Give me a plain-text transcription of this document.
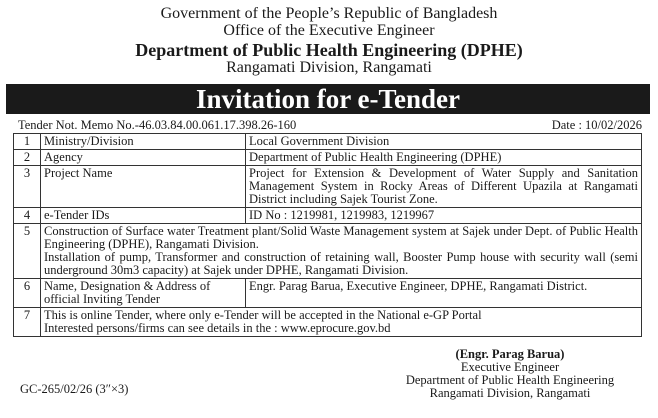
Government of the People’s Republic of Bangladesh
Office of the Executive Engineer
Department of Public Health Engineering (DPHE)
Rangamati Division, Rangamati
Invitation for e-Tender
Tender Not. Memo No.-46.03.84.00.061.17.398.26-160	Date : 10/02/2026
1	Ministry/Division	Local Government Division
2	Agency	Department of Public Health Engineering (DPHE)
3	Project Name	Project for Extension & Development of Water Supply and Sanitation Management System in Rocky Areas of Different Upazila at Rangamati District including Sajek Tourist Zone.
4	e-Tender IDs	ID No : 1219981, 1219983, 1219967
5	Construction of Surface water Treatment plant/Solid Waste Management system at Sajek under Dept. of Public Health Engineering (DPHE), Rangamati Division.
Installation of pump, Transformer and construction of retaining wall, Booster Pump house with security wall (semi underground 30m3 capacity) at Sajek under DPHE, Rangamati Division.	

6	Name, Designation & Address of official Inviting Tender	Engr. Parag Barua, Executive Engineer, DPHE, Rangamati District.
7	This is online Tender, where only e-Tender will be accepted in the National e-GP Portal
Interested persons/firms can see details in the : www.eprocure.gov.bd	
(Engr. Parag Barua)
Executive Engineer
Department of Public Health Engineering
Rangamati Division, Rangamati
GC-265/02/26 (3″×3)
